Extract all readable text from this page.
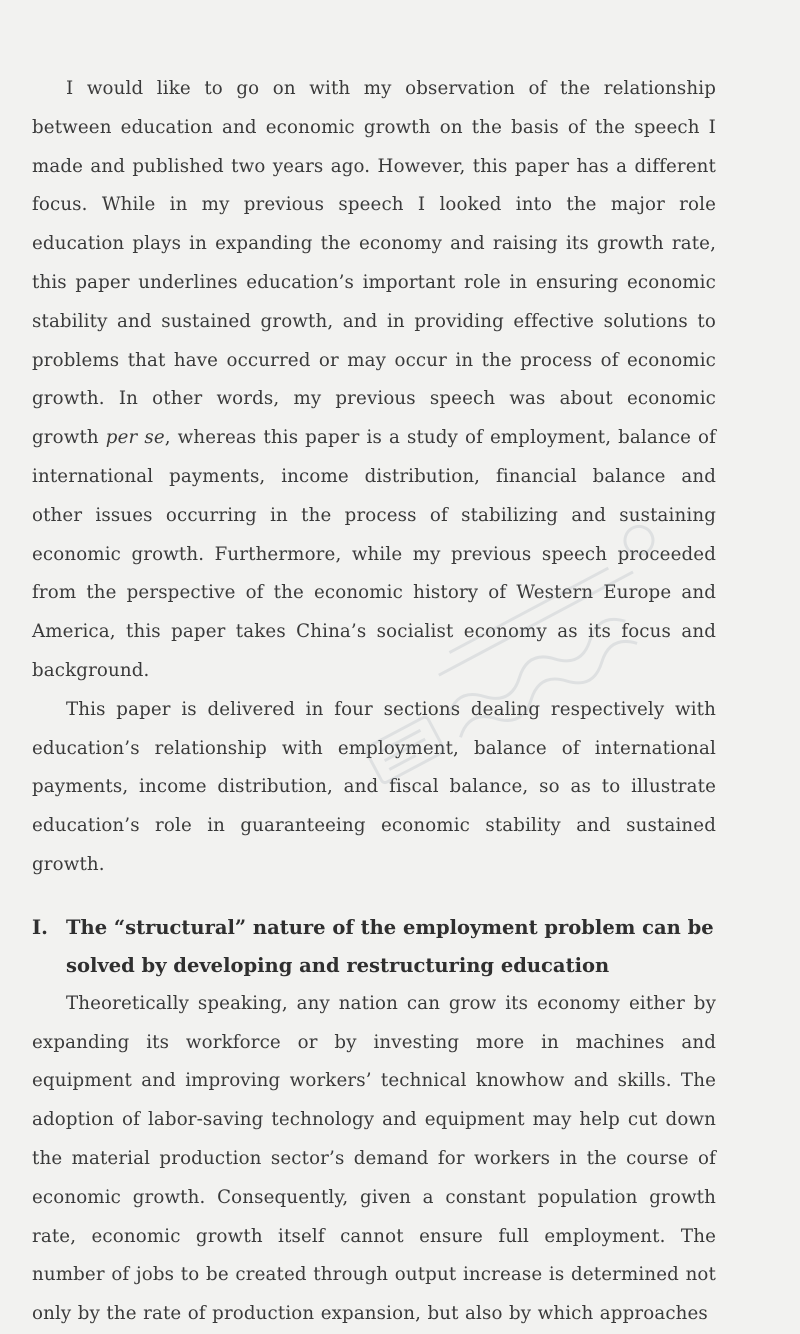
I would like to go on with my observation of the relationship between education and economic growth on the basis of the speech I made and published two years ago. However, this paper has a different focus. While in my previous speech I looked into the major role education plays in expanding the economy and raising its growth rate, this paper underlines education’s important role in ensuring economic stability and sustained growth, and in providing effective solutions to problems that have occurred or may occur in the process of economic growth. In other words, my previous speech was about economic growth per se, whereas this paper is a study of employment, balance of international payments, income distribution, financial balance and other issues occurring in the process of stabilizing and sustaining economic growth. Furthermore, while my previous speech proceeded from the perspective of the economic history of Western Europe and America, this paper takes China’s socialist economy as its focus and background.

This paper is delivered in four sections dealing respectively with education’s relationship with employment, balance of international payments, income distribution, and fiscal balance, so as to illustrate education’s role in guaranteeing economic stability and sustained growth.

I. The “structural” nature of the employment problem can be solved by developing and restructuring education

Theoretically speaking, any nation can grow its economy either by expanding its workforce or by investing more in machines and equipment and improving workers’ technical knowhow and skills. The adoption of labor-saving technology and equipment may help cut down the material production sector’s demand for workers in the course of economic growth. Consequently, given a constant population growth rate, economic growth itself cannot ensure full employment. The number of jobs to be created through output increase is determined not only by the rate of production expansion, but also by which approaches
